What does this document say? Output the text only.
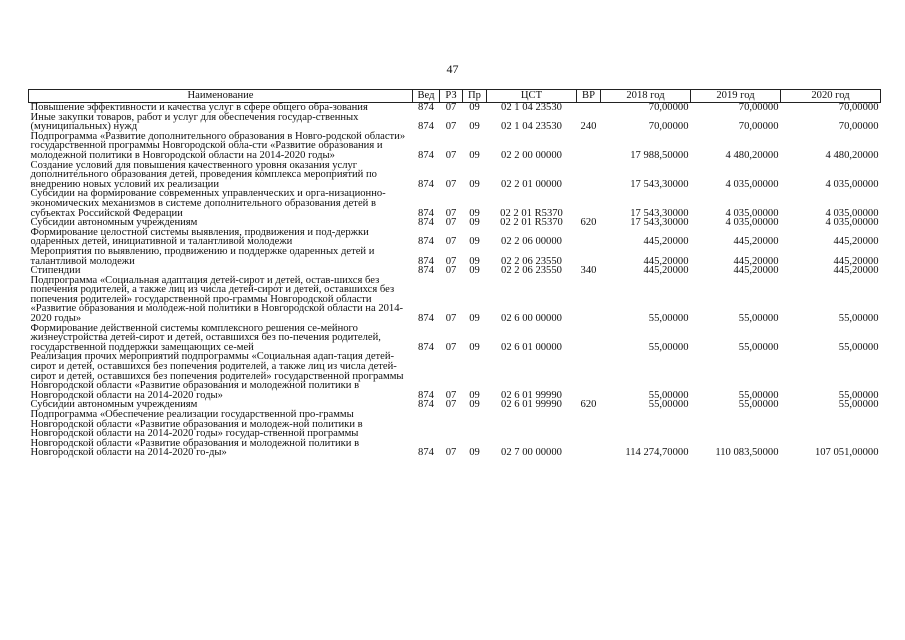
47
Наименование	Вед	РЗ	Пр	ЦСТ	ВР	2018 год	2019 год	2020 год
Повышение эффективности и качества услуг в сфере общего обра-зования	874	07	09	02 1 04 23530		70,00000	70,00000	70,00000
Иные закупки товаров, работ и услуг для обеспечения государ-ственных (муниципальных) нужд	874	07	09	02 1 04 23530	240	70,00000	70,00000	70,00000
Подпрограмма «Развитие дополнительного образования в Новго-родской области» государственной программы Новгородской обла-сти «Развитие образования и молодежной политики в Новгородской области на 2014-2020 годы»	874	07	09	02 2 00 00000		17 988,50000	4 480,20000	4 480,20000
Создание условий для повышения качественного уровня оказания услуг дополнительного образования детей, проведения комплекса мероприятий по внедрению новых условий их реализации	874	07	09	02 2 01 00000		17 543,30000	4 035,00000	4 035,00000
Субсидии на формирование современных управленческих и орга-низационно-экономических механизмов в системе дополнительного образования детей в субъектах Российской Федерации	874	07	09	02 2 01 R5370		17 543,30000	4 035,00000	4 035,00000
Субсидии автономным учреждениям	874	07	09	02 2 01 R5370	620	17 543,30000	4 035,00000	4 035,00000
Формирование целостной системы выявления, продвижения и под-держки одаренных детей, инициативной и талантливой молодежи	874	07	09	02 2 06 00000		445,20000	445,20000	445,20000
Мероприятия по выявлению, продвижению и поддержке одаренных детей и талантливой молодежи	874	07	09	02 2 06 23550		445,20000	445,20000	445,20000
Стипендии	874	07	09	02 2 06 23550	340	445,20000	445,20000	445,20000
Подпрограмма «Социальная адаптация детей-сирот и детей, остав-шихся без попечения родителей, а также лиц из числа детей-сирот и детей, оставшихся без попечения родителей» государственной про-граммы Новгородской области «Развитие образования и молодеж-ной политики в Новгородской области на 2014-2020 годы»	874	07	09	02 6 00 00000		55,00000	55,00000	55,00000
Формирование действенной системы комплексного решения се-мейного жизнеустройства детей-сирот и детей, оставшихся без по-печения родителей, государственной поддержки замещающих се-мей	874	07	09	02 6 01 00000		55,00000	55,00000	55,00000
Реализация прочих мероприятий подпрограммы «Социальная адап-тация детей-сирот и детей, оставшихся без попечения родителей, а также лиц из числа детей-сирот и детей, оставшихся без попечения родителей» государственной программы Новгородской области «Развитие образования и молодежной политики в Новгородской области на 2014-2020 годы»	874	07	09	02 6 01 99990		55,00000	55,00000	55,00000
Субсидии автономным учреждениям	874	07	09	02 6 01 99990	620	55,00000	55,00000	55,00000
Подпрограмма «Обеспечение реализации государственной про-граммы Новгородской области «Развитие образования и молодеж-ной политики в Новгородской области на 2014-2020 годы» государ-ственной программы Новгородской области «Развитие образования и молодежной политики в Новгородской области на 2014-2020 го-ды»	874	07	09	02 7 00 00000		114 274,70000	110 083,50000	107 051,00000
